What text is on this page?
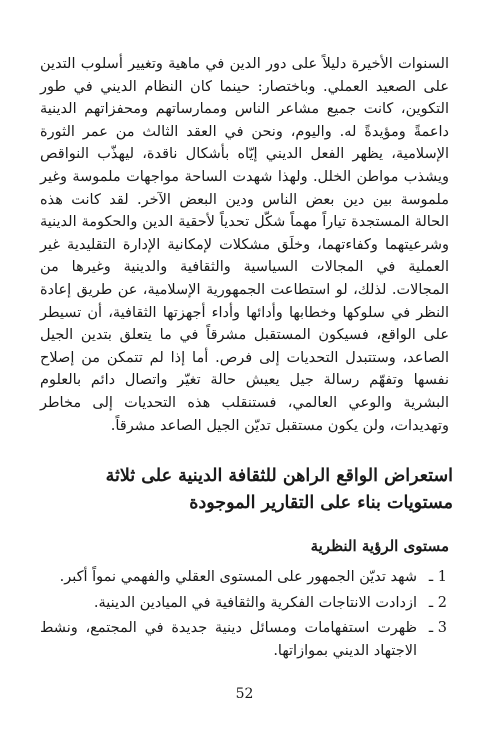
السنوات الأخيرة دليلاً على دور الدين في ماهية وتغيير أسلوب التدين على الصعيد العملي. وباختصار: حينما كان النظام الديني في طور التكوين، كانت جميع مشاعر الناس وممارساتهم ومحفزاتهم الدينية داعمةً ومؤيدةً له. واليوم، ونحن في العقد الثالث من عمر الثورة الإسلامية، يظهر الفعل الديني إيّاه بأشكال ناقدة، ليهذّب النواقص ويشذب مواطن الخلل. ولهذا شهدت الساحة مواجهات ملموسة وغير ملموسة بين دين بعض الناس ودين البعض الآخر. لقد كانت هذه الحالة المستجدة تياراً مهماً شكّل تحدياً لأحقية الدين والحكومة الدينية وشرعيتهما وكفاءتهما، وخلَق مشكلات لإمكانية الإدارة التقليدية غير العملية في المجالات السياسية والثقافية والدينية وغيرها من المجالات. لذلك، لو استطاعت الجمهورية الإسلامية، عن طريق إعادة النظر في سلوكها وخطابها وأدائها وأداء أجهزتها الثقافية، أن تسيطر على الواقع، فسيكون المستقبل مشرقاً في ما يتعلق بتدين الجيل الصاعد، وستتبدل التحديات إلى فرص. أما إذا لم تتمكن من إصلاح نفسها وتفهّم رسالة جيل يعيش حالة تغيّر واتصال دائم بالعلوم البشرية والوعي العالمي، فستنقلب هذه التحديات إلى مخاطر وتهديدات، ولن يكون مستقبل تديّن الجيل الصاعد مشرقاً.

استعراض الواقع الراهن للثقافة الدينية على ثلاثة مستويات بناء على التقارير الموجودة
مستوى الرؤية النظرية
1 ـ
شهد تديّن الجمهور على المستوى العقلي والفهمي نمواً أكبر.
2 ـ
ازدادت الانتاجات الفكرية والثقافية في الميادين الدينية.
3 ـ
ظهرت استفهامات ومسائل دينية جديدة في المجتمع، ونشط الاجتهاد الديني بموازاتها.

52
